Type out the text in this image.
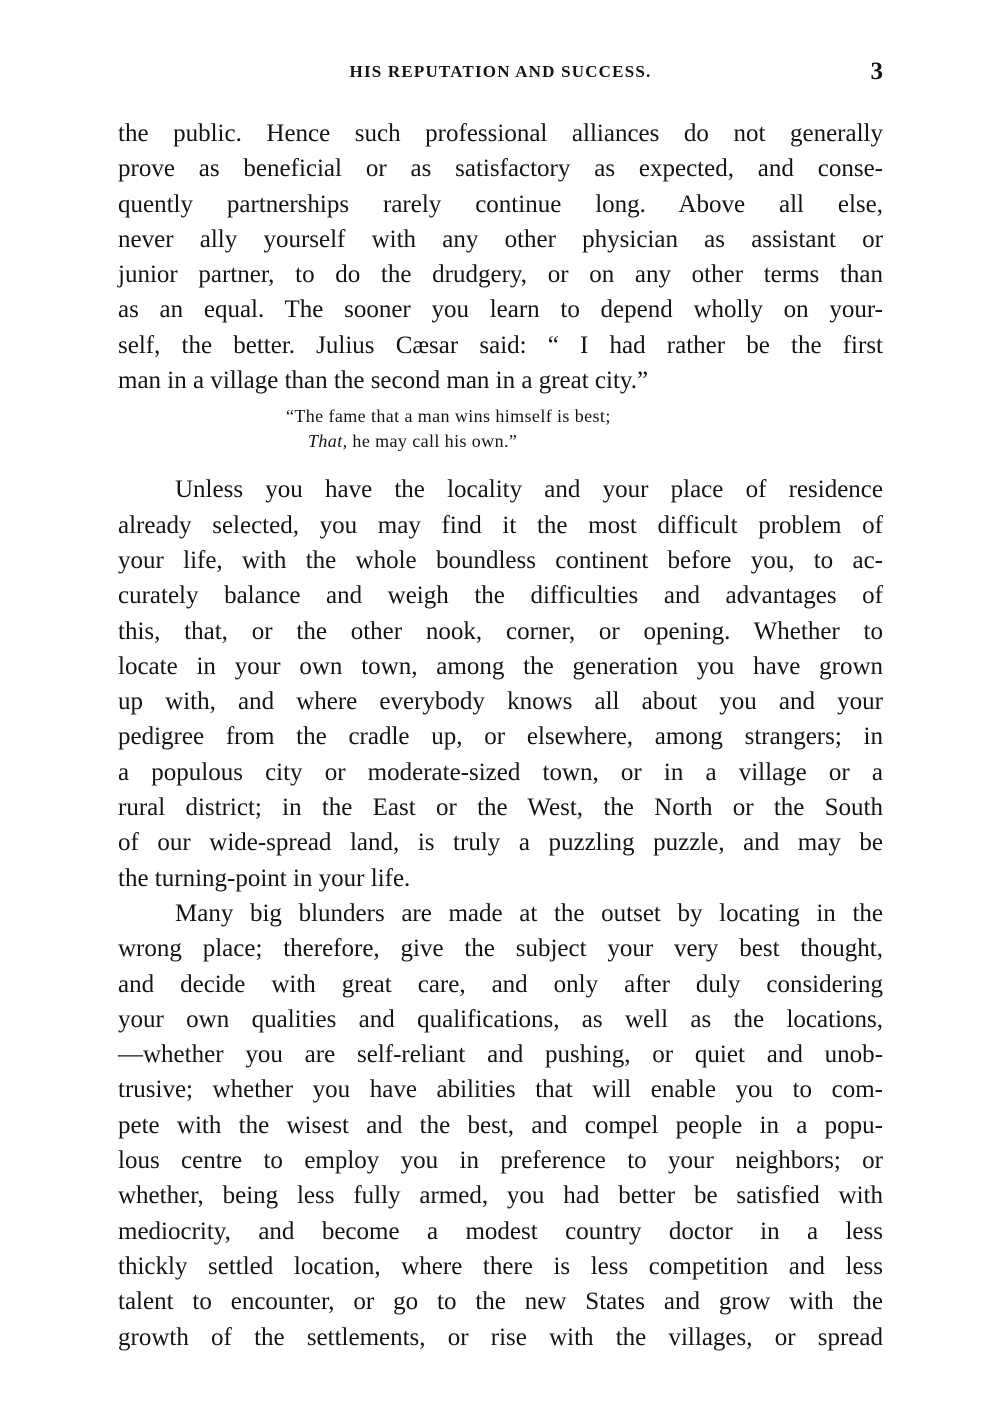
HIS REPUTATION AND SUCCESS.	3
the public. Hence such professional alliances do not generally
prove as beneficial or as satisfactory as expected, and conse-
quently partnerships rarely continue long. Above all else,
never ally yourself with any other physician as assistant or
junior partner, to do the drudgery, or on any other terms than
as an equal. The sooner you learn to depend wholly on your-
self, the better. Julius Cæsar said: “ I had rather be the first
man in a village than the second man in a great city.”
“The fame that a man wins himself is best;
That, he may call his own.”
Unless you have the locality and your place of residence
already selected, you may find it the most difficult problem of
your life, with the whole boundless continent before you, to ac-
curately balance and weigh the difficulties and advantages of
this, that, or the other nook, corner, or opening. Whether to
locate in your own town, among the generation you have grown
up with, and where everybody knows all about you and your
pedigree from the cradle up, or elsewhere, among strangers; in
a populous city or moderate-sized town, or in a village or a
rural district; in the East or the West, the North or the South
of our wide-spread land, is truly a puzzling puzzle, and may be
the turning-point in your life.
Many big blunders are made at the outset by locating in the
wrong place; therefore, give the subject your very best thought,
and decide with great care, and only after duly considering
your own qualities and qualifications, as well as the locations,
—whether you are self-reliant and pushing, or quiet and unob-
trusive; whether you have abilities that will enable you to com-
pete with the wisest and the best, and compel people in a popu-
lous centre to employ you in preference to your neighbors; or
whether, being less fully armed, you had better be satisfied with
mediocrity, and become a modest country doctor in a less
thickly settled location, where there is less competition and less
talent to encounter, or go to the new States and grow with the
growth of the settlements, or rise with the villages, or spread
